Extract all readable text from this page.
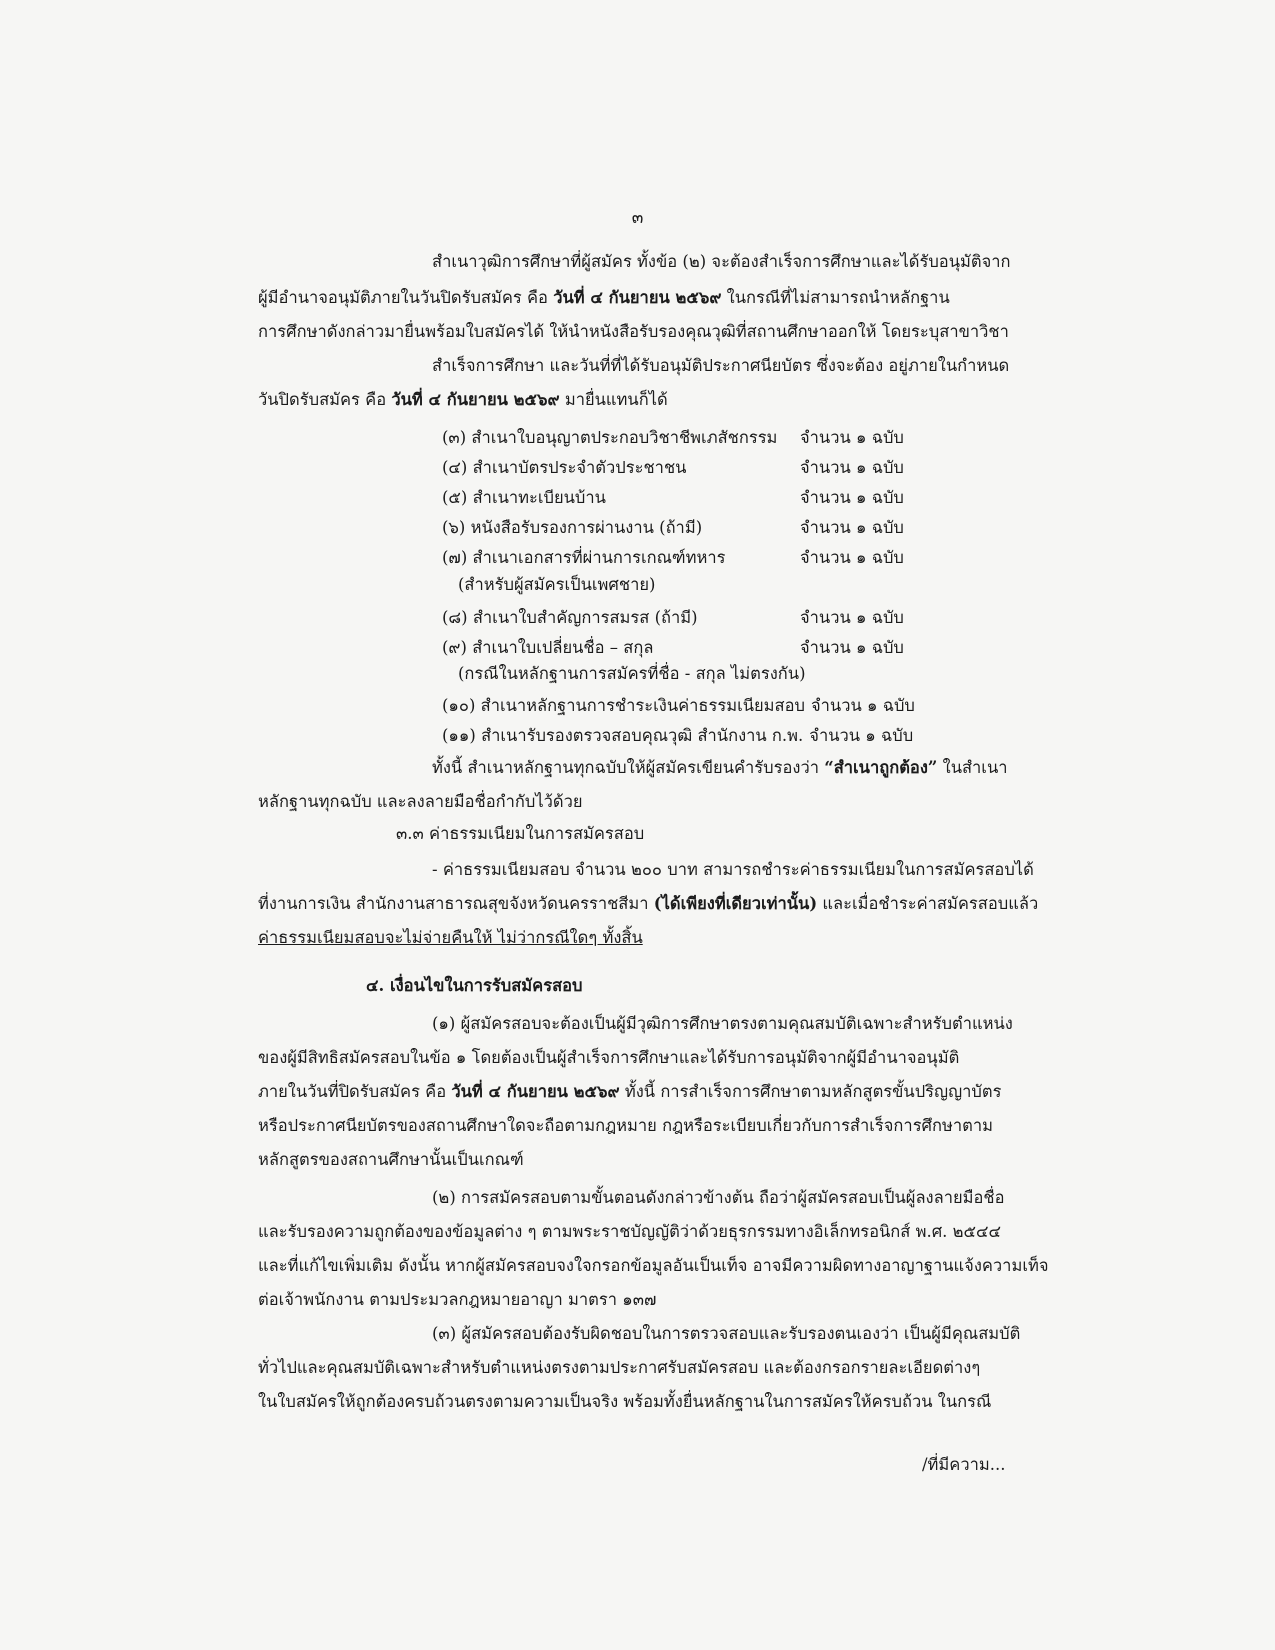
๓
สำเนาวุฒิการศึกษาที่ผู้สมัคร ทั้งข้อ (๒) จะต้องสำเร็จการศึกษาและได้รับอนุมัติจาก
ผู้มีอำนาจอนุมัติภายในวันปิดรับสมัคร คือ วันที่ ๔ กันยายน ๒๕๖๙ ในกรณีที่ไม่สามารถนำหลักฐาน
การศึกษาดังกล่าวมายื่นพร้อมใบสมัครได้ ให้นำหนังสือรับรองคุณวุฒิที่สถานศึกษาออกให้ โดยระบุสาขาวิชา
สำเร็จการศึกษา และวันที่ที่ได้รับอนุมัติประกาศนียบัตร ซึ่งจะต้อง อยู่ภายในกำหนด
วันปิดรับสมัคร คือ วันที่ ๔ กันยายน ๒๕๖๙ มายื่นแทนก็ได้
(๓) สำเนาใบอนุญาตประกอบวิชาชีพเภสัชกรรม จำนวน ๑ ฉบับ
(๔) สำเนาบัตรประจำตัวประชาชน	จำนวน ๑ ฉบับ
(๕) สำเนาทะเบียนบ้าน	จำนวน ๑ ฉบับ
(๖) หนังสือรับรองการผ่านงาน (ถ้ามี)	จำนวน ๑ ฉบับ
(๗) สำเนาเอกสารที่ผ่านการเกณฑ์ทหาร	จำนวน ๑ ฉบับ
(สำหรับผู้สมัครเป็นเพศชาย)
(๘) สำเนาใบสำคัญการสมรส (ถ้ามี)	จำนวน ๑ ฉบับ
(๙) สำเนาใบเปลี่ยนชื่อ – สกุล	จำนวน ๑ ฉบับ
(กรณีในหลักฐานการสมัครที่ชื่อ - สกุล ไม่ตรงกัน)
(๑๐) สำเนาหลักฐานการชำระเงินค่าธรรมเนียมสอบ จำนวน ๑ ฉบับ
(๑๑) สำเนารับรองตรวจสอบคุณวุฒิ สำนักงาน ก.พ. จำนวน ๑ ฉบับ
ทั้งนี้ สำเนาหลักฐานทุกฉบับให้ผู้สมัครเขียนคำรับรองว่า “สำเนาถูกต้อง” ในสำเนา
หลักฐานทุกฉบับ และลงลายมือชื่อกำกับไว้ด้วย
๓.๓ ค่าธรรมเนียมในการสมัครสอบ
- ค่าธรรมเนียมสอบ จำนวน ๒๐๐ บาท สามารถชำระค่าธรรมเนียมในการสมัครสอบได้
ที่งานการเงิน สำนักงานสาธารณสุขจังหวัดนครราชสีมา (ได้เพียงที่เดียวเท่านั้น) และเมื่อชำระค่าสมัครสอบแล้ว
ค่าธรรมเนียมสอบจะไม่จ่ายคืนให้ ไม่ว่ากรณีใดๆ ทั้งสิ้น
๔. เงื่อนไขในการรับสมัครสอบ
(๑) ผู้สมัครสอบจะต้องเป็นผู้มีวุฒิการศึกษาตรงตามคุณสมบัติเฉพาะสำหรับตำแหน่ง
ของผู้มีสิทธิสมัครสอบในข้อ ๑ โดยต้องเป็นผู้สำเร็จการศึกษาและได้รับการอนุมัติจากผู้มีอำนาจอนุมัติ
ภายในวันที่ปิดรับสมัคร คือ วันที่ ๔ กันยายน ๒๕๖๙ ทั้งนี้ การสำเร็จการศึกษาตามหลักสูตรขั้นปริญญาบัตร
หรือประกาศนียบัตรของสถานศึกษาใดจะถือตามกฎหมาย กฎหรือระเบียบเกี่ยวกับการสำเร็จการศึกษาตาม
หลักสูตรของสถานศึกษานั้นเป็นเกณฑ์
(๒) การสมัครสอบตามขั้นตอนดังกล่าวข้างต้น ถือว่าผู้สมัครสอบเป็นผู้ลงลายมือชื่อ
และรับรองความถูกต้องของข้อมูลต่าง ๆ ตามพระราชบัญญัติว่าด้วยธุรกรรมทางอิเล็กทรอนิกส์ พ.ศ. ๒๕๔๔
และที่แก้ไขเพิ่มเติม ดังนั้น หากผู้สมัครสอบจงใจกรอกข้อมูลอันเป็นเท็จ อาจมีความผิดทางอาญาฐานแจ้งความเท็จ
ต่อเจ้าพนักงาน ตามประมวลกฎหมายอาญา มาตรา ๑๓๗
(๓) ผู้สมัครสอบต้องรับผิดชอบในการตรวจสอบและรับรองตนเองว่า เป็นผู้มีคุณสมบัติ
ทั่วไปและคุณสมบัติเฉพาะสำหรับตำแหน่งตรงตามประกาศรับสมัครสอบ และต้องกรอกรายละเอียดต่างๆ
ในใบสมัครให้ถูกต้องครบถ้วนตรงตามความเป็นจริง พร้อมทั้งยื่นหลักฐานในการสมัครให้ครบถ้วน ในกรณี
/ที่มีความ...
